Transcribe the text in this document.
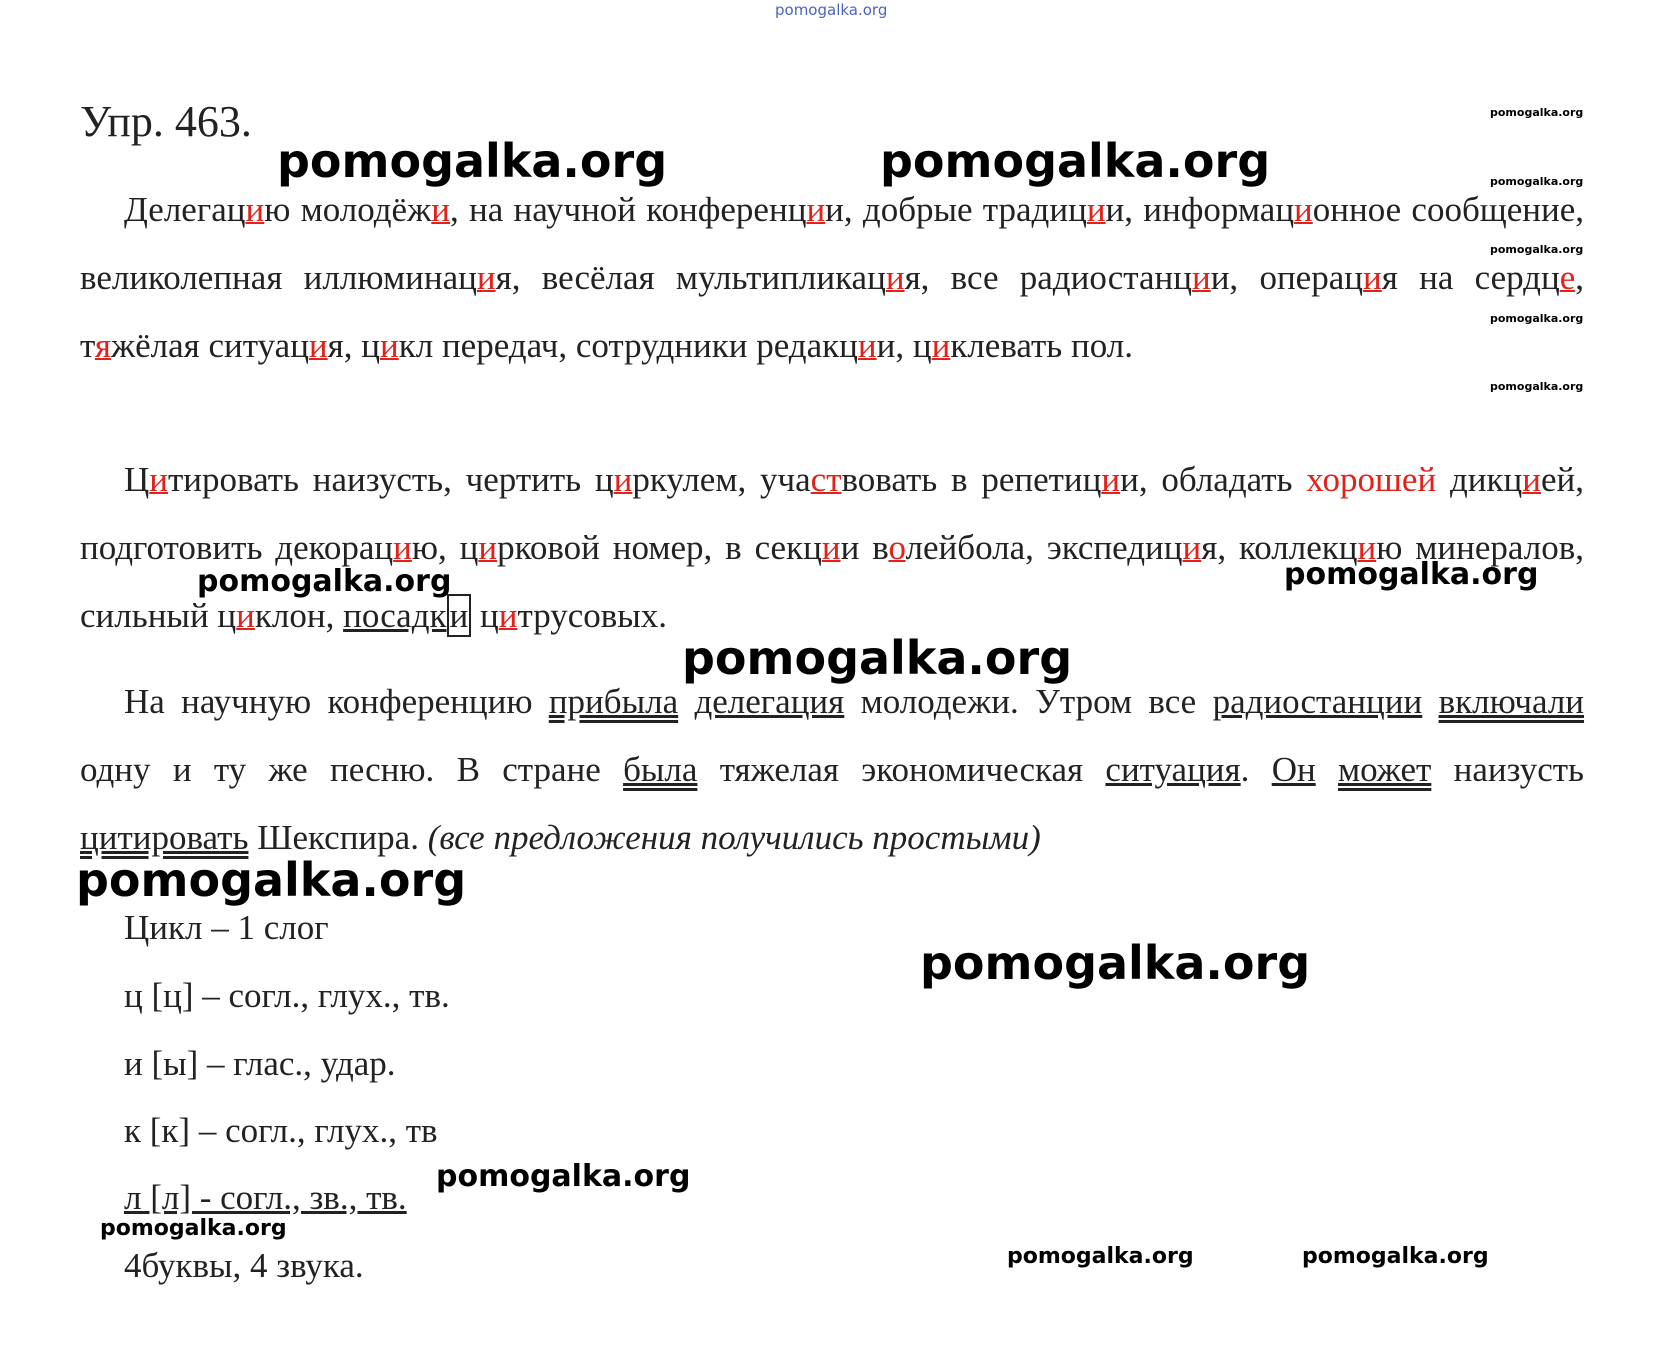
pomogalka.org
pomogalka.org
pomogalka.org
pomogalka.org
pomogalka.org
pomogalka.org
Упр. 463.

Делегацию молодёжи, на научной конференции, добрые традиции, информационное сообщение, великолепная иллюминация, весёлая мультипликация, все радиостанции, операция на сердце, тяжёлая ситуация, цикл передач, сотрудники редакции, циклевать пол.

Цитировать наизусть, чертить циркулем, участвовать в репетиции, обладать хорошей дикцией, подготовить декорацию, цирковой номер, в секции волейбола, экспедиция, коллекцию минералов, сильный циклон, посадки цитрусовых.

На научную конференцию прибыла делегация молодежи. Утром все радиостанции включали одну и ту же песню. В стране была тяжелая экономическая ситуация. Он может наизусть цитировать Шекспира. (все предложения получились простыми)

Цикл – 1 слог
ц [ц] – согл., глух., тв.
и [ы] – глас., удар.
к [к] – согл., глух., тв
л [л] - согл., зв., тв.
4буквы, 4 звука.
pomogalka.org	pomogalka.org
pomogalka.org	pomogalka.org
pomogalka.org
pomogalka.org
pomogalka.org
pomogalka.org
pomogalka.org
pomogalka.org	pomogalka.org
